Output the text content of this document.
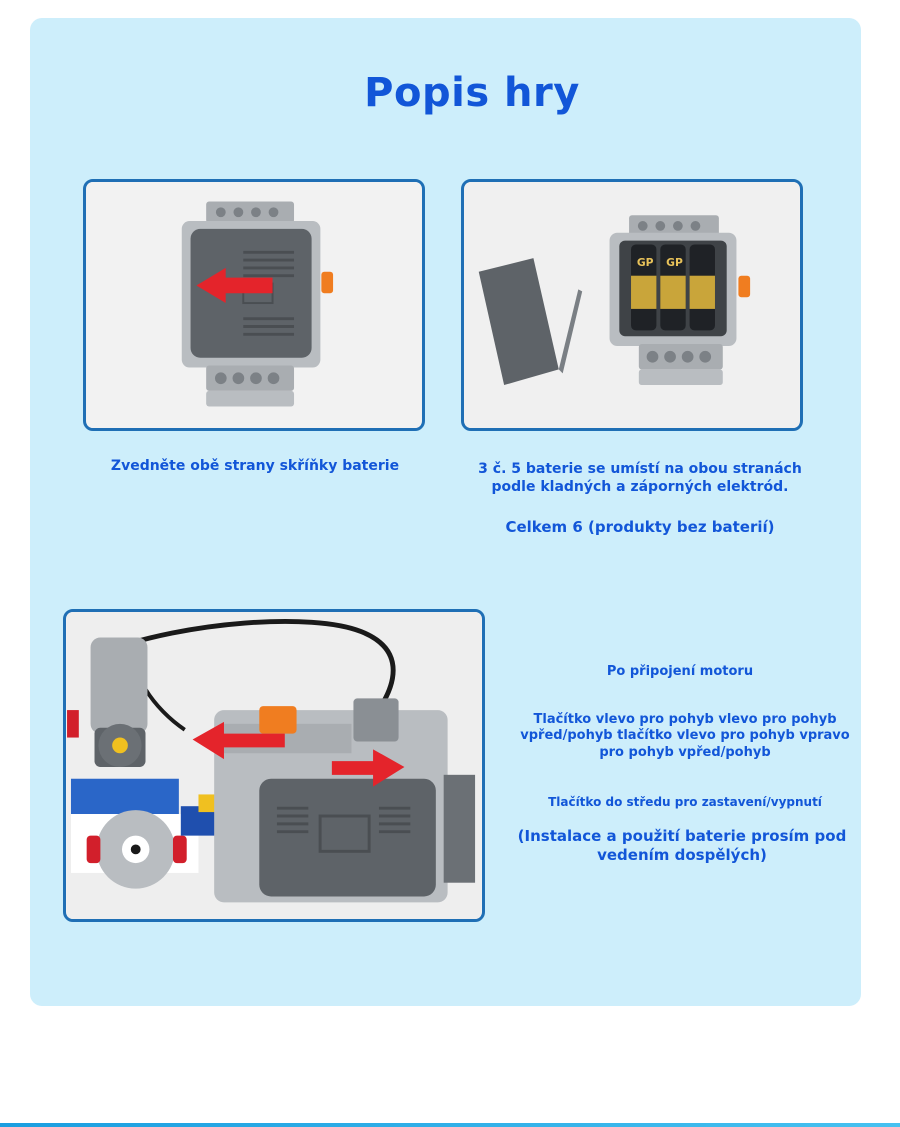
Popis hry
GP GP
Zvedněte obě strany skříňky baterie	3 č. 5 baterie se umístí na obou stranách podle kladných a záporných elektród.
Celkem 6 (produkty bez baterií)
Po připojení motoru
Tlačítko vlevo pro pohyb vlevo pro pohyb vpřed/pohyb tlačítko vlevo pro pohyb vpravo pro pohyb vpřed/pohyb
Tlačítko do středu pro zastavení/vypnutí
(Instalace a použití baterie prosím pod vedením dospělých)
